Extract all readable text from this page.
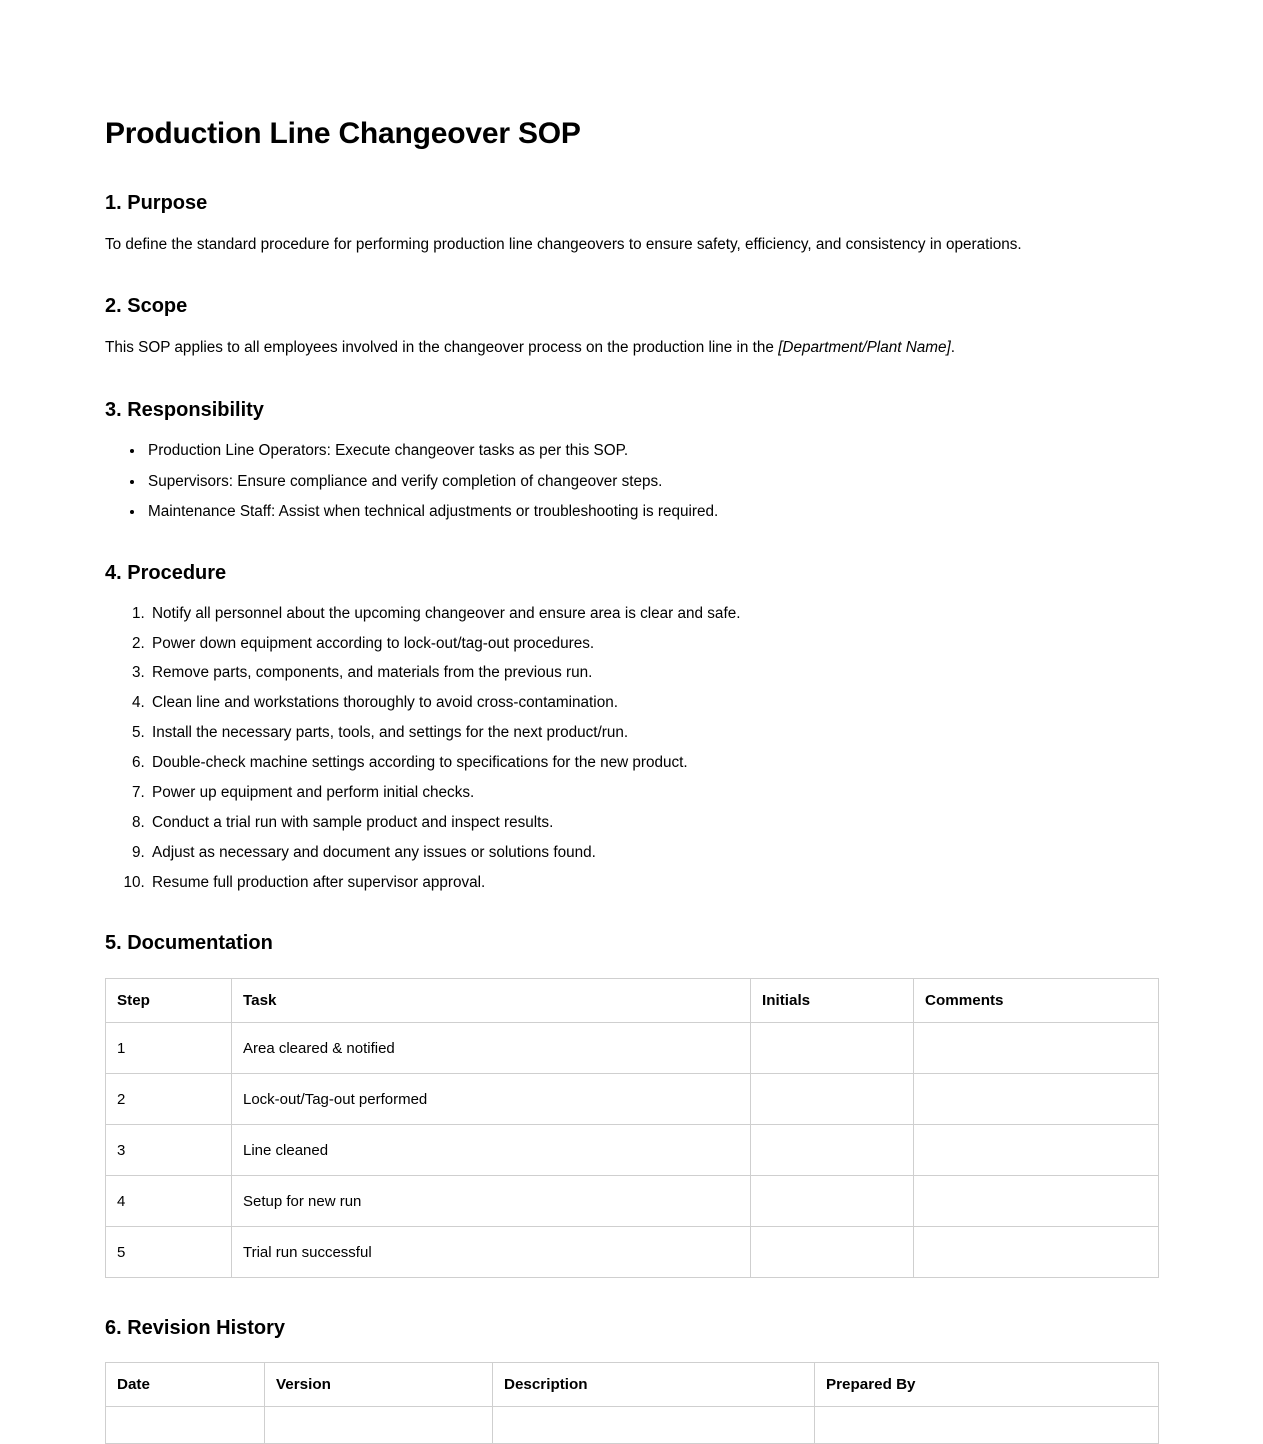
Production Line Changeover SOP
1. Purpose

To define the standard procedure for performing production line changeovers to ensure safety, efficiency, and consistency in operations.

2. Scope

This SOP applies to all employees involved in the changeover process on the production line in the [Department/Plant Name].

3. Responsibility
• Production Line Operators: Execute changeover tasks as per this SOP.
• Supervisors: Ensure compliance and verify completion of changeover steps.
• Maintenance Staff: Assist when technical adjustments or troubleshooting is required.
4. Procedure
1. Notify all personnel about the upcoming changeover and ensure area is clear and safe.
2. Power down equipment according to lock-out/tag-out procedures.
3. Remove parts, components, and materials from the previous run.
4. Clean line and workstations thoroughly to avoid cross-contamination.
5. Install the necessary parts, tools, and settings for the next product/run.
6. Double-check machine settings according to specifications for the new product.
7. Power up equipment and perform initial checks.
8. Conduct a trial run with sample product and inspect results.
9. Adjust as necessary and document any issues or solutions found.
10. Resume full production after supervisor approval.
5. Documentation
Step	Task	Initials	Comments
1	Area cleared & notified		
2	Lock-out/Tag-out performed		
3	Line cleaned		
4	Setup for new run		
5	Trial run successful		
6. Revision History
Date	Version	Description	Prepared By
